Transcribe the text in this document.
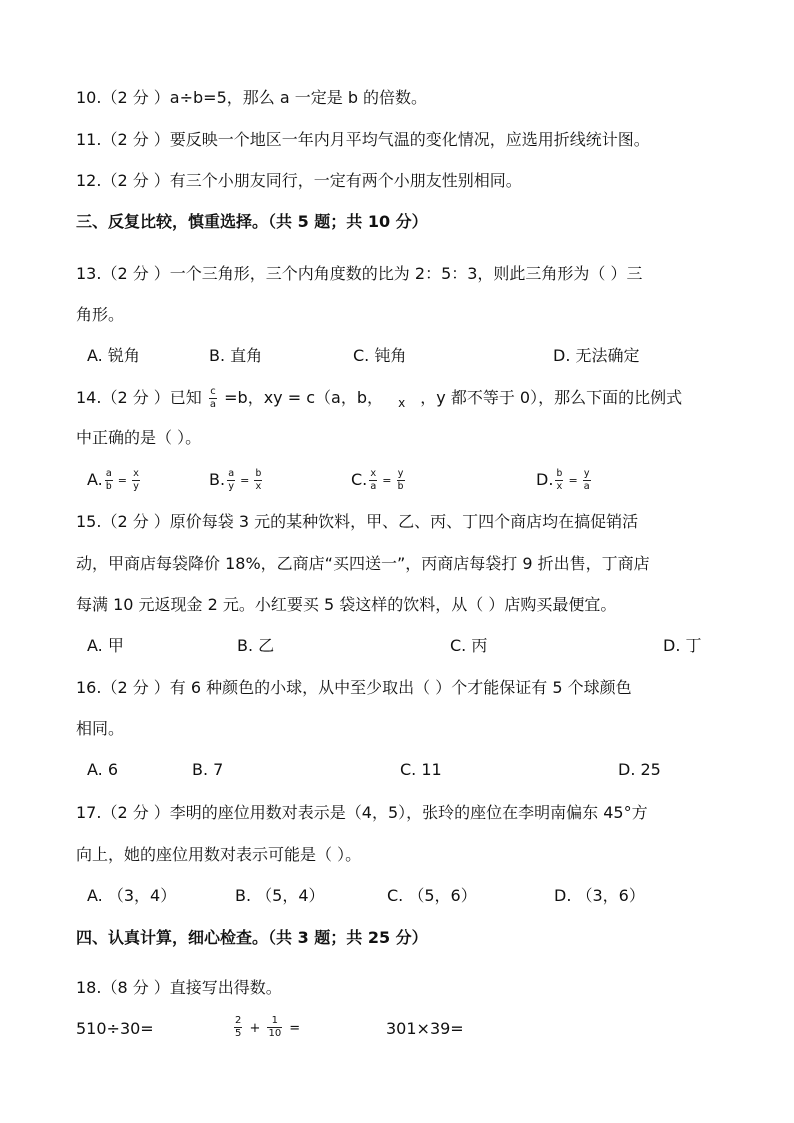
10.（2 分 ）a÷b=5，那么 a 一定是 b 的倍数。
11.（2 分 ）要反映一个地区一年内月平均气温的变化情况，应选用折线统计图。
12.（2 分 ）有三个小朋友同行，一定有两个小朋友性别相同。
三、反复比较，慎重选择。（共 5 题；共 10 分）
13.（2 分 ）一个三角形，三个内角度数的比为 2：5：3，则此三角形为（ ）三
角形。
A. 锐角	B. 直角	C. 钝角	D. 无法确定
14.（2 分 ）已知 $\frac{c}{a} =b$，xy = c（a，b， x ，y 都不等于 0），那么下面的比例式
中正确的是（ ）。
A. $\frac{a}{b} = \frac{x}{y}$	B. $\frac{a}{y} = \frac{b}{x}$	C. $\frac{x}{a} = \frac{y}{b}$	D. $\frac{b}{x} = \frac{y}{a}$
15.（2 分 ）原价每袋 3 元的某种饮料，甲、乙、丙、丁四个商店均在搞促销活
动，甲商店每袋降价 18%，乙商店“买四送一”，丙商店每袋打 9 折出售，丁商店
每满 10 元返现金 2 元。小红要买 5 袋这样的饮料，从（ ）店购买最便宜。
A. 甲	B. 乙	C. 丙	D. 丁
16.（2 分 ）有 6 种颜色的小球，从中至少取出（ ）个才能保证有 5 个球颜色
相同。
A. 6	B. 7	C. 11	D. 25
17.（2 分 ）李明的座位用数对表示是（4，5），张玲的座位在李明南偏东 45°方
向上，她的座位用数对表示可能是（ ）。
A. （3，4）	B. （5，4）	C. （5，6）	D. （3，6）
四、认真计算，细心检查。（共 3 题；共 25 分）
18.（8 分 ）直接写出得数。
510÷30=	$\frac{2}{5} + \frac{1}{10}$ =	301×39=
